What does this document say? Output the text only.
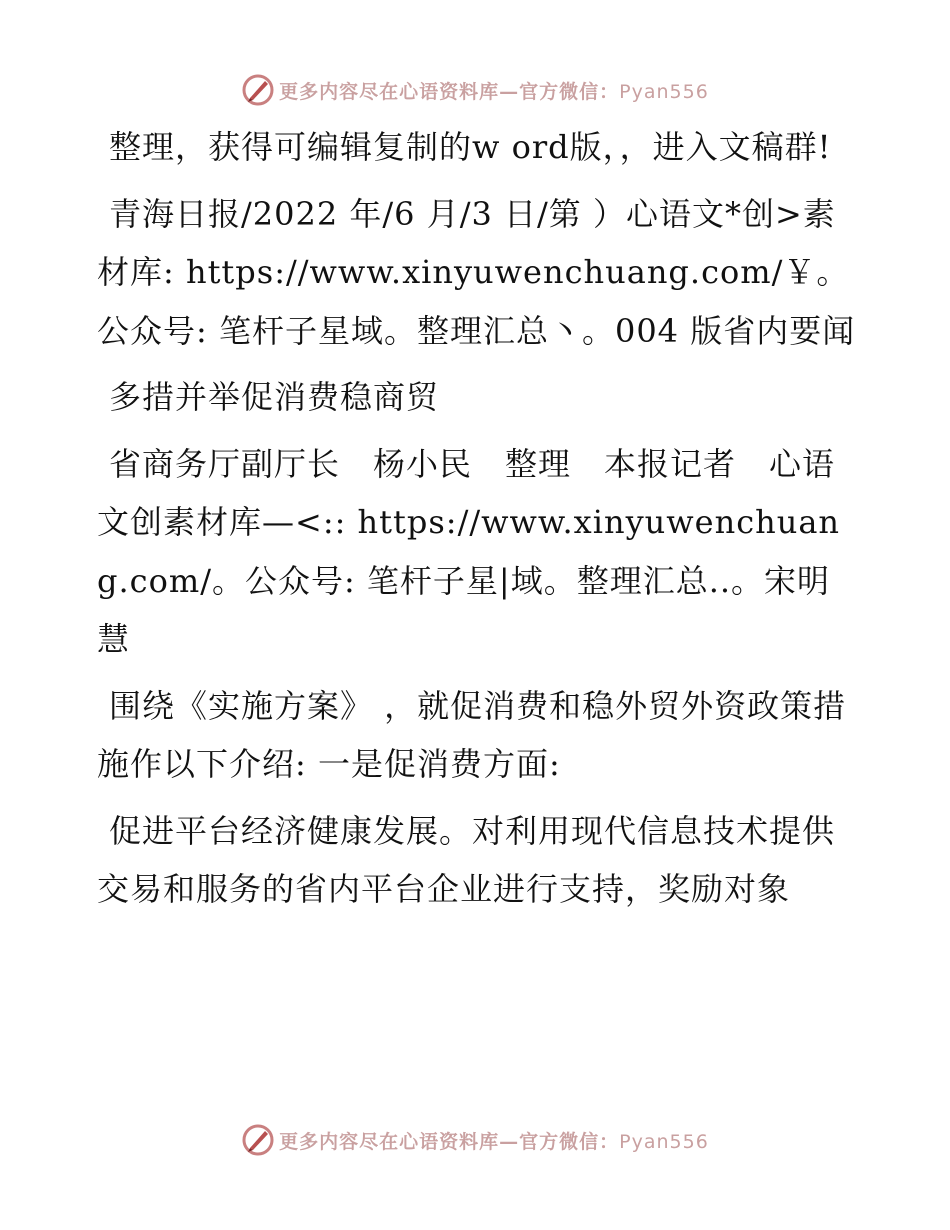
更多内容尽在心语资料库—官方微信：Pyan556

整理，获得可编辑复制的w ord版，，进入文稿群!

青海日报/2022 年/6 月/3 日/第 ）心语文*创>素材库: https://www.xinyuwenchuang.com/￥。公众号: 笔杆子星域。整理汇总丶。004 版省内要闻

多措并举促消费稳商贸

省商务厅副厅长　杨小民　整理　本报记者　心语文创素材库—<:: https://www.xinyuwenchuang.com/。公众号: 笔杆子星|域。整理汇总..。宋明慧

围绕《实施方案》 ，就促消费和稳外贸外资政策措施作以下介绍: 一是促消费方面:

促进平台经济健康发展。对利用现代信息技术提供交易和服务的省内平台企业进行支持，奖励对象

更多内容尽在心语资料库—官方微信：Pyan556
